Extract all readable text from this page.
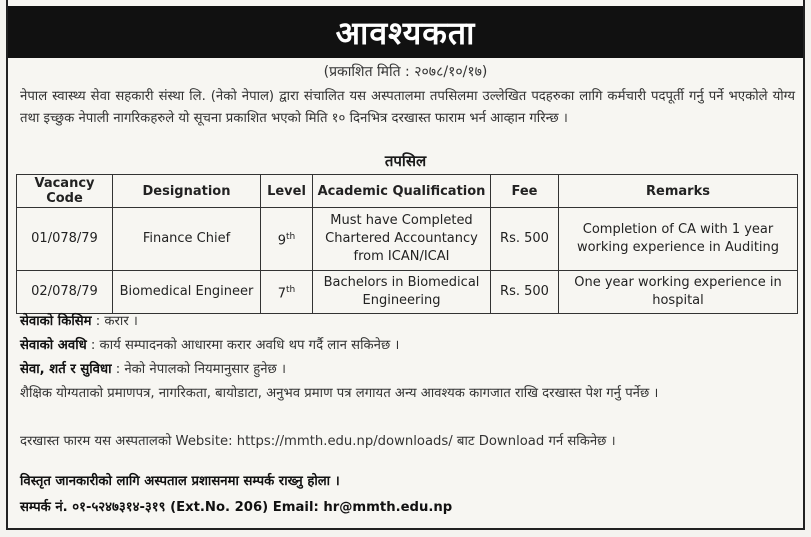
आवश्यकता
(प्रकाशित मिति : २०७८/१०/१७)
नेपाल स्वास्थ्य सेवा सहकारी संस्था लि. (नेको नेपाल) द्वारा संचालित यस अस्पतालमा तपसिलमा उल्लेखित पदहरुका लागि कर्मचारी पदपूर्ती गर्नु पर्ने भएकोले योग्य तथा इच्छुक नेपाली नागरिकहरुले यो सूचना प्रकाशित भएको मिति १० दिनभित्र दरखास्त फाराम भर्न आव्हान गरिन्छ ।
तपसिल
Vacancy Code	Designation	Level	Academic Qualification	Fee	Remarks
01/078/79	Finance Chief	9th	Must have Completed Chartered Accountancy from ICAN/ICAI	Rs. 500	Completion of CA with 1 year working experience in Auditing
02/078/79	Biomedical Engineer	7th	Bachelors in Biomedical Engineering	Rs. 500	One year working experience in hospital
सेवाको किसिम : करार ।
सेवाको अवधि : कार्य सम्पादनको आधारमा करार अवधि थप गर्दै लान सकिनेछ ।
सेवा, शर्त र सुविधा : नेको नेपालको नियमानुसार हुनेछ ।
शैक्षिक योग्यताको प्रमाणपत्र, नागरिकता, बायोडाटा, अनुभव प्रमाण पत्र लगायत अन्य आवश्यक कागजात राखि दरखास्त पेश गर्नु पर्नेछ ।
दरखास्त फारम यस अस्पतालको Website: https://mmth.edu.np/downloads/ बाट Download गर्न सकिनेछ ।
विस्तृत जानकारीको लागि अस्पताल प्रशासनमा सम्पर्क राख्नु होला ।
सम्पर्क नं. ०१-५२४७३१४-३१९ (Ext.No. 206) Email: hr@mmth.edu.np
